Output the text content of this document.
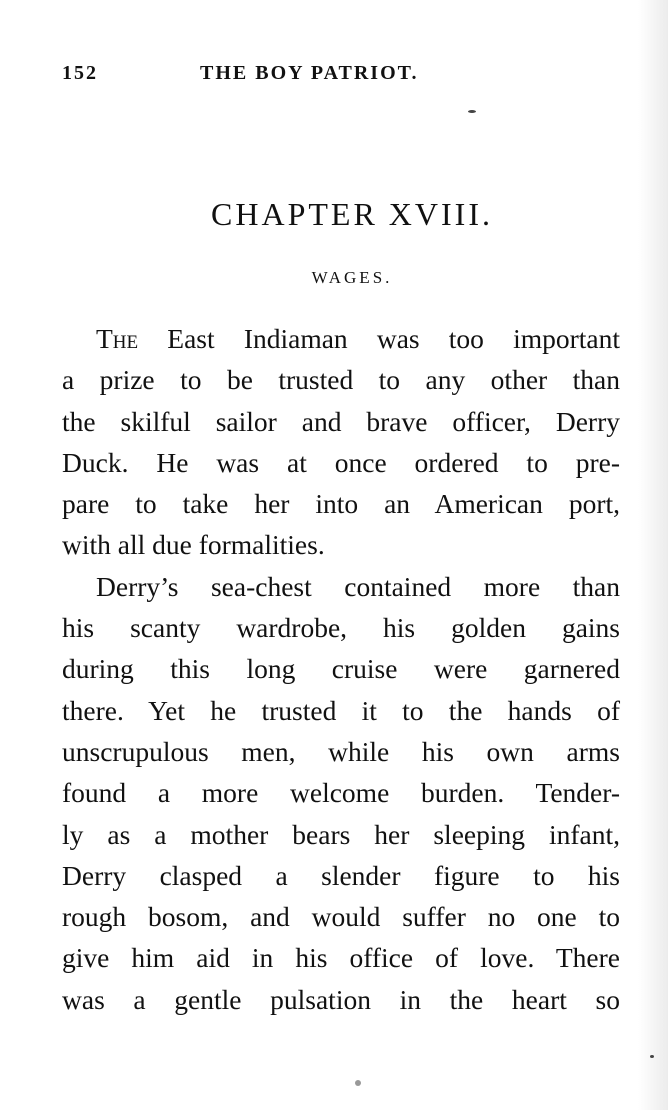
152	THE BOY PATRIOT.
CHAPTER XVIII.
WAGES.
The East Indiaman was too important
a prize to be trusted to any other than
the skilful sailor and brave officer, Derry
Duck. He was at once ordered to pre-
pare to take her into an American port,
with all due formalities.
Derry’s sea-chest contained more than
his scanty wardrobe, his golden gains
during this long cruise were garnered
there. Yet he trusted it to the hands of
unscrupulous men, while his own arms
found a more welcome burden. Tender-
ly as a mother bears her sleeping infant,
Derry clasped a slender figure to his
rough bosom, and would suffer no one to
give him aid in his office of love. There
was a gentle pulsation in the heart so
